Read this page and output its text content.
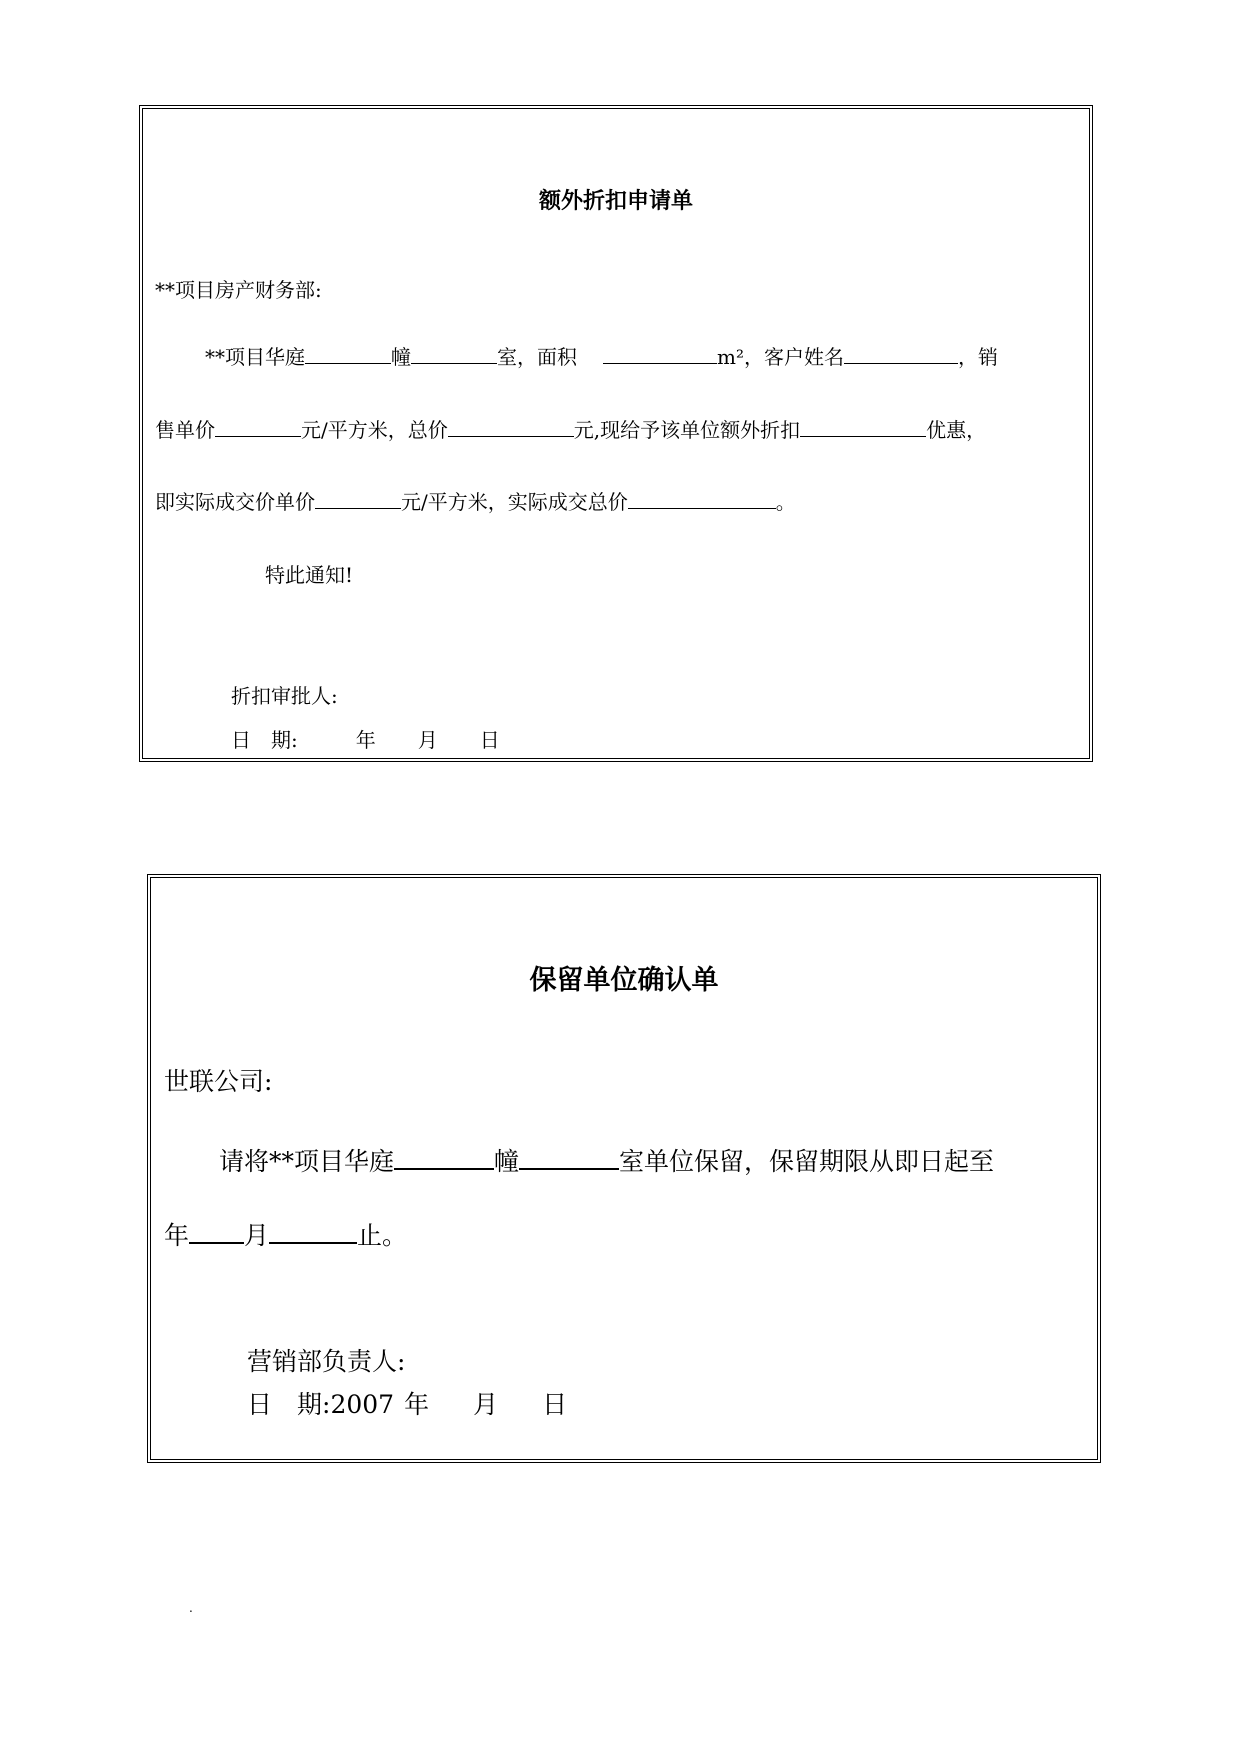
额外折扣申请单
**项目房产财务部:
**项目华庭	幢	室，面积	m²，客户姓名	，销
售单价	元/平方米，总价	元,现给予该单位额外折扣	优惠，
即实际成交价单价	元/平方米，实际成交总价	。
特此通知!
折扣审批人:
日　期:	年 月 日
保留单位确认单
世联公司:
请将**项目华庭	幢	室单位保留，保留期限从即日起至
年 月	止。
营销部负责人:
日　期:2007 年 月 日
.
